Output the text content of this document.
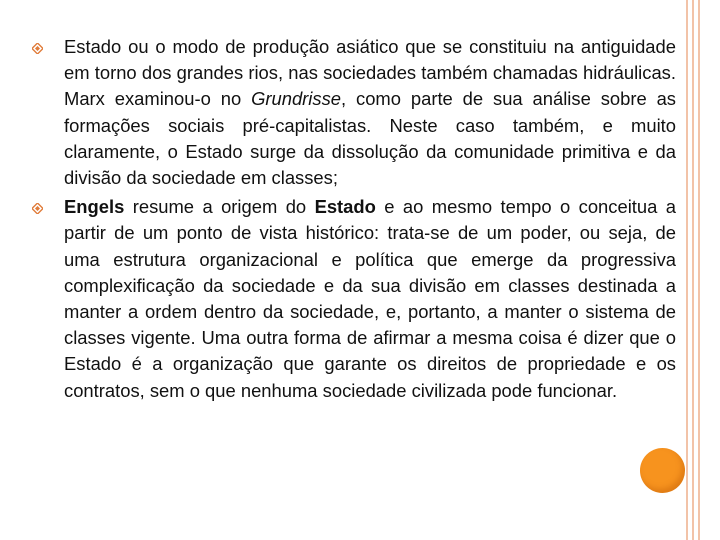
Estado ou o modo de produção asiático que se constituiu na antiguidade em torno dos grandes rios, nas sociedades também chamadas hidráulicas. Marx examinou-o no Grundrisse, como parte de sua análise sobre as formações sociais pré-capitalistas. Neste caso também, e muito claramente, o Estado surge da dissolução da comunidade primitiva e da divisão da sociedade em classes;
Engels resume a origem do Estado e ao mesmo tempo o conceitua a partir de um ponto de vista histórico: trata-se de um poder, ou seja, de uma estrutura organizacional e política que emerge da progressiva complexificação da sociedade e da sua divisão em classes destinada a manter a ordem dentro da sociedade, e, portanto, a manter o sistema de classes vigente. Uma outra forma de afirmar a mesma coisa é dizer que o Estado é a organização que garante os direitos de propriedade e os contratos, sem o que nenhuma sociedade civilizada pode funcionar.
